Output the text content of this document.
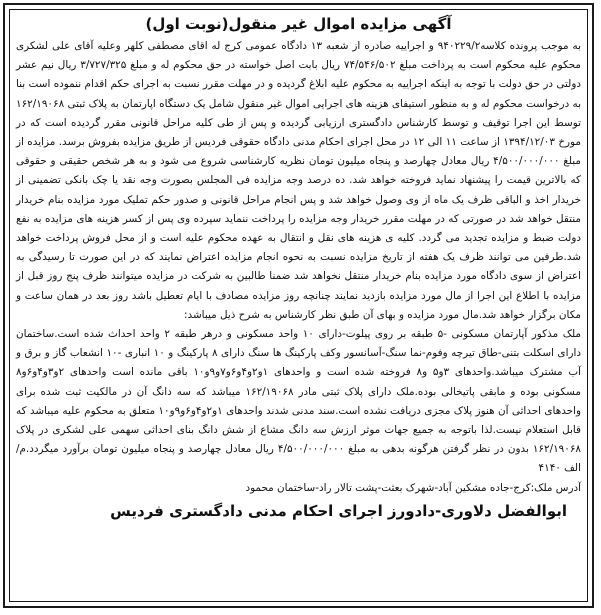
آگهی مزایده اموال غیر منقول(نوبت اول)

به موجب پرونده کلاسه۹۴۰۲۲۹/۲ و اجراییه صادره از شعبه ۱۳ دادگاه عمومی کرج له اقای مصطفی کلهر وعلیه آقای علی لشکری محکوم علیه محکوم است به پرداخت مبلغ ۷۴/۵۴۶/۵۰۲ ریال بابت اصل خواسته در حق محکوم له و مبلغ ۳/۷۲۷/۳۲۵ ریال نیم عشر دولتی در حق دولت با توجه به اینکه اجراییه به محکوم علیه ابلاغ گردیده و در مهلت مقرر نسبت به اجرای حکم اقدام ننموده است بنا به درخواست محکوم له و به منظور استیفای هزینه های اجرایی اموال غیر منقول شامل یک دستگاه اپارتمان به پلاک ثبتی ۱۶۲/۱۹۰۶۸ توسط این اجرا توقیف و توسط کارشناس دادگستری ارزیابی گردیده و پس از طی کلیه مراحل قانونی مقرر گردیده است که در مورخ ۱۳۹۴/۱۲/۰۳ از ساعت ۱۱ الی ۱۲ در محل اجرای احکام مدنی دادگاه حقوقی فردیس از طریق مزایده بفروش برسد. مزایده از مبلغ ۴/۵۰۰/۰۰۰/۰۰۰ ریال معادل چهارصد و پنجاه میلیون تومان نظریه کارشناسی شروع می شود و به هر شخص حقیقی و حقوقی که بالاترین قیمت را پیشنهاد نماید فروخته خواهد شد. ده درصد وجه مزایده فی المجلس بصورت وجه نقد یا چک بانکی تضمینی از خریدار اخذ و الباقی ظرف یک ماه از وی وصول خواهد شد و پس انجام مراحل قانونی و صدور حکم تملیک مورد مزایده بنام خریدار منتقل خواهد شد در صورتی که در مهلت مقرر خریدار وجه مزایده را پرداخت ننماید سپرده وی پس از کسر هزینه های مزایده به نفع دولت ضبط و مزایده تجدید می گردد. کلیه ی هزینه های نقل و انتقال به عهده محکوم علیه است و از محل فروش پرداخت خواهد شد.طرفین می توانند ظرف یک هفته از تاریخ مزایده نسبت به نحوه انجام مزایده اعتراض نمایند که در این صورت تا رسیدگی به اعتراض از سوی دادگاه مورد مزایده بنام خریدار منتقل نخواهد شد ضمنا طالبین به شرکت در مزایده میتوانند ظرف پنج روز قبل از مزایده با اطلاع این اجرا از مال مورد مزایده بازدید نمایند چنانچه روز مزایده مصادف با ایام تعطیل باشد روز بعد در همان ساعت و مکان برگزار خواهد شد.مال مورد مزایده و بهای آن طبق نظر کارشناس به شرح ذیل میباشد:

ملک مذکور آپارتمان مسکونی -۵ طبقه بر روی پیلوت-دارای ۱۰ واحد مسکونی و درهر طبقه ۲ واحد احداث شده است.ساختمان دارای اسکلت بتنی-طاق تیرچه وفوم-نما سنگ-آسانسور وکف پارکینگ ها سنگ دارای ۸ پارکینگ و ۱۰ انباری -۱۰ انشعاب گاز و برق و آب مشترک میباشد.واحدهای ۳و۵ و۸ فروخته شده است و واحدهای ۱و۲و۴و۶و۷و۹و۱۰ باقی مانده است واحدهای ۲و۳و۴و۶و۸ مسکونی بوده و مابقی پاتیخالی بوده.ملک دارای پلاک ثبتی مادر ۱۶۲/۱۹۰۶۸ میباشد که سه دانگ آن در مالکیت ثبت شده برای واحدهای احداثی آن هنوز پلاک مجزی دریافت نشده است.سند مدنی شدند واحدهای ۱و۲و۴و۶و۹و۱۰ متعلق به محکوم علیه میباشد که قابل استعلام نیست.لذا باتوجه به جمیع جهات موثر ارزش سه دانگ مشاع از شش دانگ بنای احداثی سهمی علی لشکری در پلاک ۱۶۲/۱۹۰۶۸ بدون در نظر گرفتن هرگونه بدهی به مبلغ ۴/۵۰۰/۰۰۰/۰۰۰ ریال معادل چهارصد و پنجاه میلیون تومان برآورد میگردد.م/الف ۴۱۴۰

آدرس ملک:کرج-جاده مشکین آباد-شهرک بعثت-پشت تالار راد-ساختمان محمود

ابوالفضل دلاوری-دادورز اجرای احکام مدنی دادگستری فردیس
